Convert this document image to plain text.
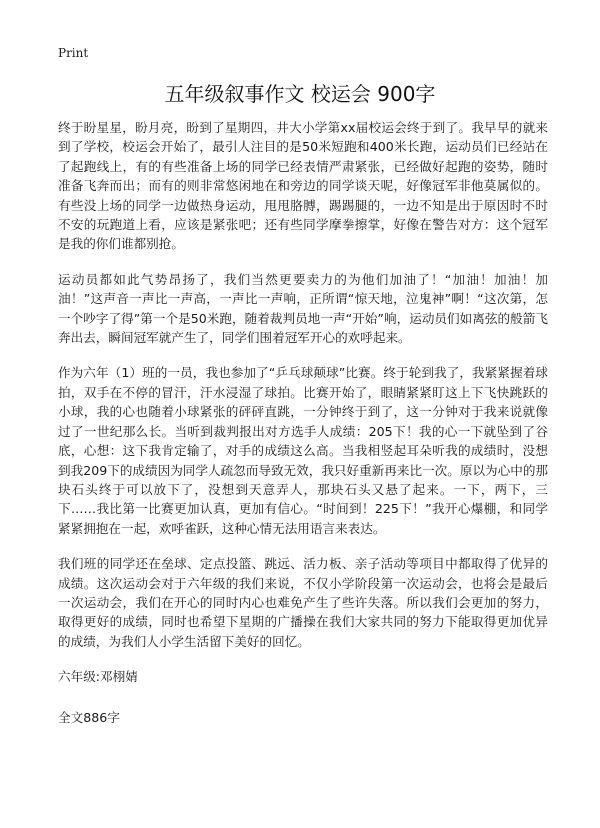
Print
五年级叙事作文 校运会 900字

终于盼星星，盼月亮，盼到了星期四，井大小学第xx届校运会终于到了。我早早的就来到了学校，校运会开始了，最引人注目的是50米短跑和400米长跑，运动员们已经站在了起跑线上，有的有些准备上场的同学已经表情严肃紧张，已经做好起跑的姿势，随时准备飞奔而出；而有的则非常悠闲地在和旁边的同学谈天呢，好像冠军非他莫属似的。有些没上场的同学一边做热身运动，甩甩胳膊，踢踢腿的，一边不知是出于原因时不时不安的玩跑道上看，应该是紧张吧；还有些同学摩拳擦掌，好像在警告对方：这个冠军是我的你们谁都别抢。

运动员都如此气势昂扬了，我们当然更要卖力的为他们加油了！“加油！加油！加油！”这声音一声比一声高，一声比一声响，正所谓“惊天地，泣鬼神”啊！“这次第，怎一个吵字了得”第一个是50米跑，随着裁判员地一声“开始”响，运动员们如离弦的般箭飞奔出去，瞬间冠军就产生了，同学们围着冠军开心的欢呼起来。

作为六年（1）班的一员，我也参加了“乒乓球颠球”比赛。终于轮到我了，我紧紧握着球拍，双手在不停的冒汗，汗水浸湿了球拍。比赛开始了，眼睛紧紧盯这上下飞快跳跃的小球，我的心也随着小球紧张的砰砰直跳，一分钟终于到了，这一分钟对于我来说就像过了一世纪那么长。当听到裁判报出对方选手人成绩：205下！我的心一下就坠到了谷底，心想：这下我肯定输了，对手的成绩这么高。当我相竖起耳朵听我的成绩时，没想到我209下的成绩因为同学人疏忽而导致无效，我只好重新再来比一次。原以为心中的那块石头终于可以放下了，没想到天意弄人，那块石头又悬了起来。一下，两下，三下……我比第一比赛更加认真，更加有信心。“时间到！225下！”我开心爆棚，和同学紧紧拥抱在一起，欢呼雀跃，这种心情无法用语言来表达。

我们班的同学还在垒球、定点投篮、跳远、活力板、亲子活动等项目中都取得了优异的成绩。这次运动会对于六年级的我们来说，不仅小学阶段第一次运动会，也将会是最后一次运动会，我们在开心的同时内心也难免产生了些许失落。所以我们会更加的努力，取得更好的成绩，同时也希望下星期的广播操在我们大家共同的努力下能取得更加优异的成绩，为我们人小学生活留下美好的回忆。

六年级:邓栩婧

全文886字
